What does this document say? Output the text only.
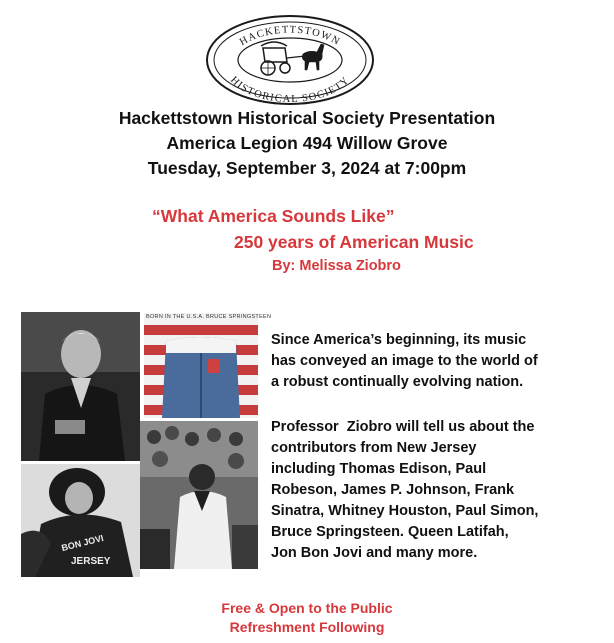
HACKETTSTOWN
HISTORICAL SOCIETY
Hackettstown Historical Society Presentation
America Legion 494 Willow Grove
Tuesday, September 3, 2024 at 7:00pm
“What America Sounds Like”
250 years of American Music
By: Melissa Ziobro
BORN IN THE U.S.A. BRUCE SPRINGSTEEN
BON JOVI
JERSEY
Since America’s beginning, its music
has conveyed an image to the world of
a robust continually evolving nation.
Professor  Ziobro will tell us about the
contributors from New Jersey
including Thomas Edison, Paul
Robeson, James P. Johnson, Frank
Sinatra, Whitney Houston, Paul Simon,
Bruce Springsteen. Queen Latifah,
Jon Bon Jovi and many more.
Free & Open to the Public
Refreshment Following
